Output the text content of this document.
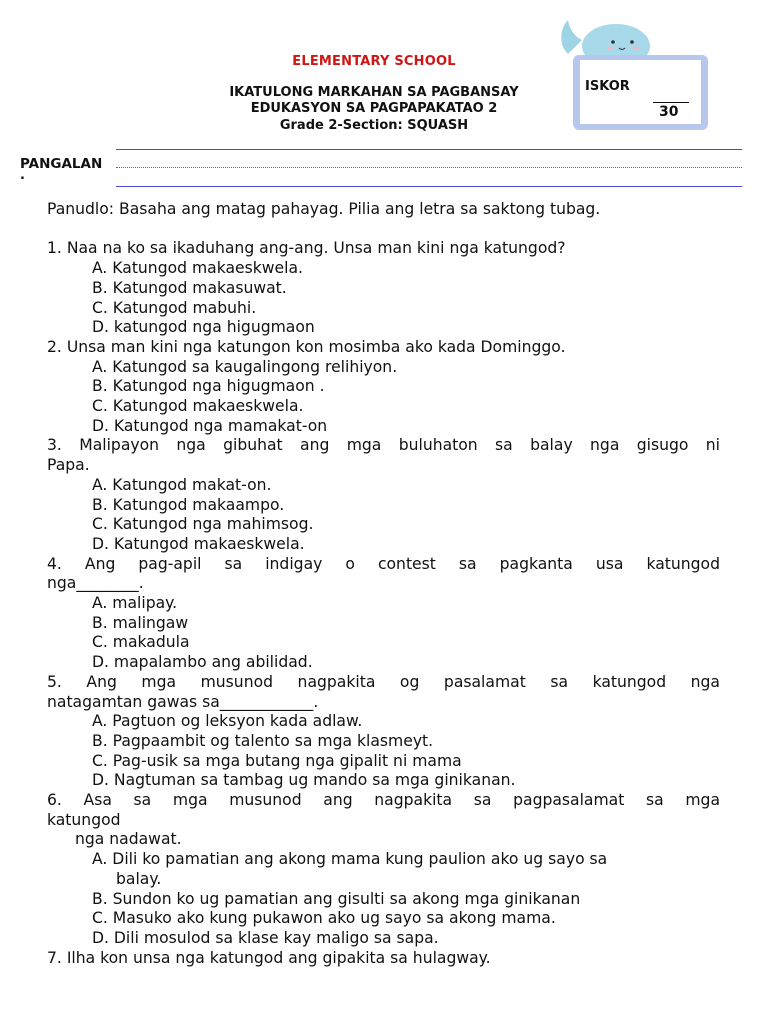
ELEMENTARY SCHOOL
IKATULONG MARKAHAN SA PAGBANSAY
EDUKASYON SA PAGPAPAKATAO 2
Grade 2-Section: SQUASH
ISKOR
30
PANGALAN
.

Panudlo: Basaha ang matag pahayag. Pilia ang letra sa saktong tubag.

1. Naa na ko sa ikaduhang ang-ang. Unsa man kini nga katungod?

A. Katungod makaeskwela.

B. Katungod makasuwat.

C. Katungod mabuhi.

D. katungod nga higugmaon

2. Unsa man kini nga katungon kon mosimba ako kada Dominggo.

A. Katungod sa kaugalingong relihiyon.

B. Katungod nga higugmaon .

C. Katungod makaeskwela.

D. Katungod nga mamakat-on

3. Malipayon nga gibuhat ang mga buluhaton sa balay nga gisugo ni

Papa.

A. Katungod makat-on.

B. Katungod makaampo.

C. Katungod nga mahimsog.

D. Katungod makaeskwela.

4. Ang pag-apil sa indigay o contest sa pagkanta usa katungod

nga________.

A. malipay.

B. malingaw

C. makadula

D. mapalambo ang abilidad.

5. Ang mga musunod nagpakita og pasalamat sa katungod nga

natagamtan gawas sa____________.

A. Pagtuon og leksyon kada adlaw.

B. Pagpaambit og talento sa mga klasmeyt.

C. Pag-usik sa mga butang nga gipalit ni mama

D. Nagtuman sa tambag ug mando sa mga ginikanan.

6. Asa sa mga musunod ang nagpakita sa pagpasalamat sa mga

katungod

nga nadawat.

A. Dili ko pamatian ang akong mama kung paulion ako ug sayo sa

balay.

B. Sundon ko ug pamatian ang gisulti sa akong mga ginikanan

C. Masuko ako kung pukawon ako ug sayo sa akong mama.

D. Dili mosulod sa klase kay maligo sa sapa.

7. Ilha kon unsa nga katungod ang gipakita sa hulagway.
